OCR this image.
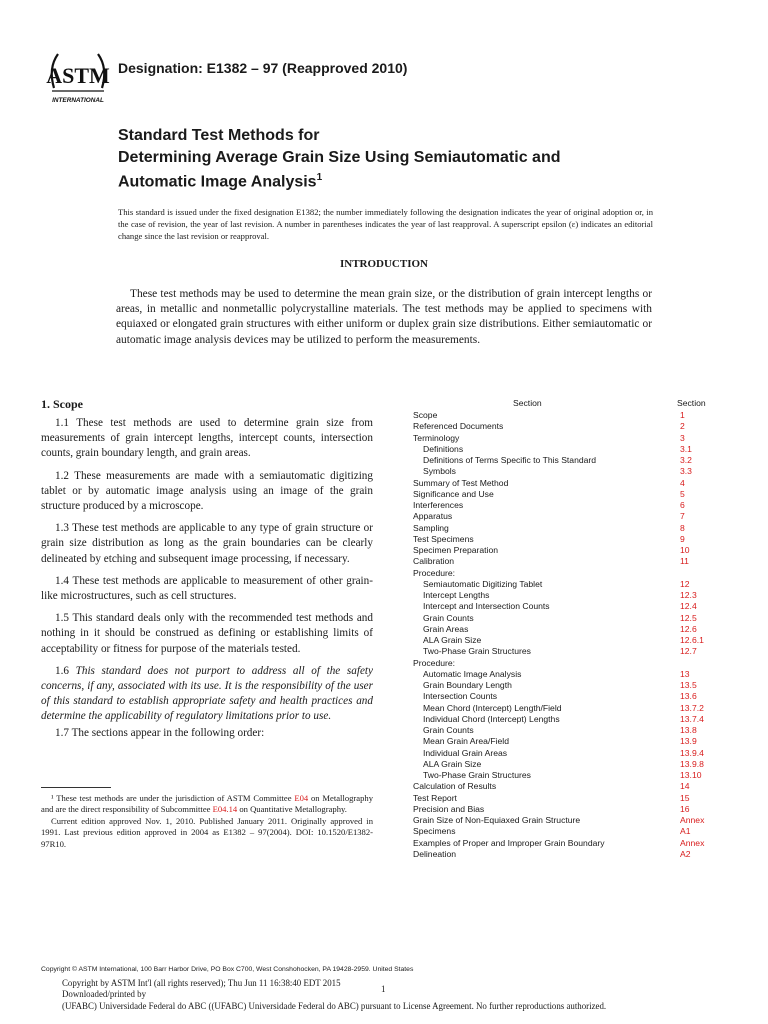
ASTM
INTERNATIONAL
Designation: E1382 – 97 (Reapproved 2010)
Standard Test Methods for
Determining Average Grain Size Using Semiautomatic and
Automatic Image Analysis$^1$
This standard is issued under the fixed designation E1382; the number immediately following the designation indicates the year of original adoption or, in the case of revision, the year of last revision. A number in parentheses indicates the year of last reapproval. A superscript epsilon (ε) indicates an editorial change since the last revision or reapproval.
INTRODUCTION
These test methods may be used to determine the mean grain size, or the distribution of grain intercept lengths or areas, in metallic and nonmetallic polycrystalline materials. The test methods may be applied to specimens with equiaxed or elongated grain structures with either uniform or duplex grain size distributions. Either semiautomatic or automatic image analysis devices may be utilized to perform the measurements.
1. Scope

1.1 These test methods are used to determine grain size from measurements of grain intercept lengths, intercept counts, intersection counts, grain boundary length, and grain areas.

1.2 These measurements are made with a semiautomatic digitizing tablet or by automatic image analysis using an image of the grain structure produced by a microscope.

1.3 These test methods are applicable to any type of grain structure or grain size distribution as long as the grain boundaries can be clearly delineated by etching and subsequent image processing, if necessary.

1.4 These test methods are applicable to measurement of other grain-like microstructures, such as cell structures.

1.5 This standard deals only with the recommended test methods and nothing in it should be construed as defining or establishing limits of acceptability or fitness for purpose of the materials tested.

1.6 This standard does not purport to address all of the safety concerns, if any, associated with its use. It is the responsibility of the user of this standard to establish appropriate safety and health practices and determine the applicability of regulatory limitations prior to use.

1.7 The sections appear in the following order:

¹ These test methods are under the jurisdiction of ASTM Committee E04 on Metallography and are the direct responsibility of Subcommittee E04.14 on Quantitative Metallography.

Current edition approved Nov. 1, 2010. Published January 2011. Originally approved in 1991. Last previous edition approved in 2004 as E1382 – 97(2004). DOI: 10.1520/E1382-97R10.

Section	Section
Scope	1
Referenced Documents	2
Terminology	3
Definitions	3.1
Definitions of Terms Specific to This Standard	3.2
Symbols	3.3
Summary of Test Method	4
Significance and Use	5
Interferences	6
Apparatus	7
Sampling	8
Test Specimens	9
Specimen Preparation	10
Calibration	11
Procedure:
Semiautomatic Digitizing Tablet	12
Intercept Lengths	12.3
Intercept and Intersection Counts	12.4
Grain Counts	12.5
Grain Areas	12.6
ALA Grain Size	12.6.1
Two-Phase Grain Structures	12.7
Procedure:
Automatic Image Analysis	13
Grain Boundary Length	13.5
Intersection Counts	13.6
Mean Chord (Intercept) Length/Field	13.7.2
Individual Chord (Intercept) Lengths	13.7.4
Grain Counts	13.8
Mean Grain Area/Field	13.9
Individual Grain Areas	13.9.4
ALA Grain Size	13.9.8
Two-Phase Grain Structures	13.10
Calculation of Results	14
Test Report	15
Precision and Bias	16
Grain Size of Non-Equiaxed Grain Structure	Annex
Specimens	A1
Examples of Proper and Improper Grain Boundary	Annex
Delineation	A2
Copyright © ASTM International, 100 Barr Harbor Drive, PO Box C700, West Conshohocken, PA 19428-2959. United States

Copyright by ASTM Int'l (all rights reserved); Thu Jun 11 16:38:40 EDT 2015

Downloaded/printed by

(UFABC) Universidade Federal do ABC ((UFABC) Universidade Federal do ABC) pursuant to License Agreement. No further reproductions authorized.

1
